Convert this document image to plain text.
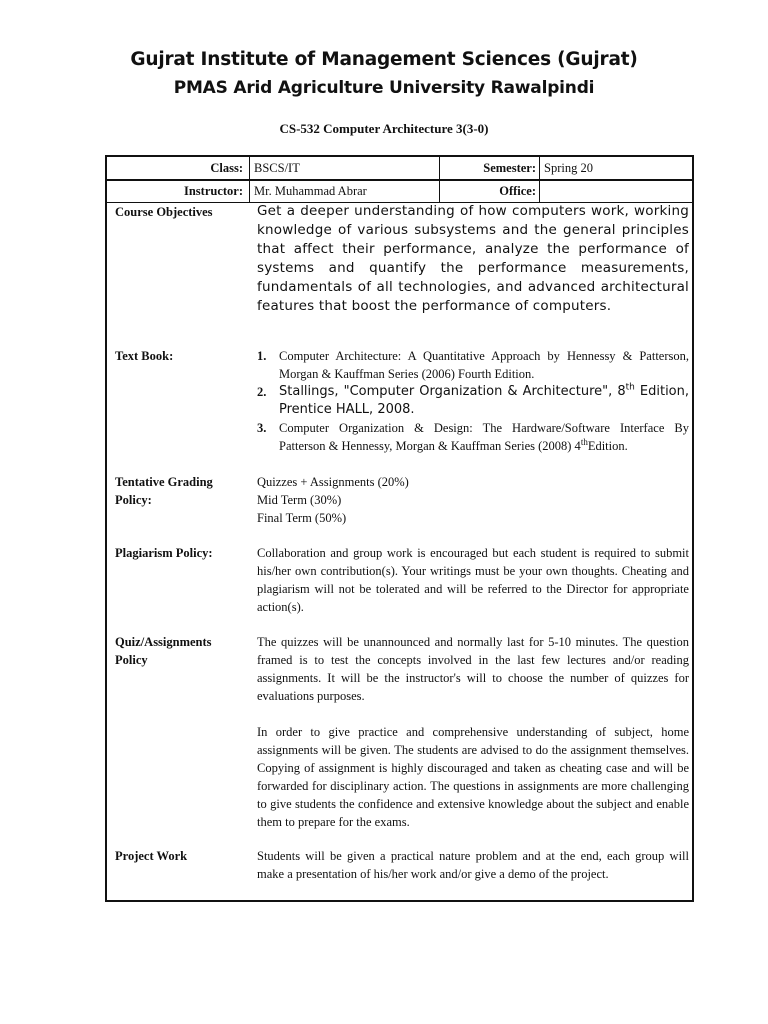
Gujrat Institute of Management Sciences (Gujrat)
PMAS Arid Agriculture University Rawalpindi
CS-532 Computer Architecture 3(3-0)
Class: BSCS/IT	Semester: Spring 20
Instructor: Mr. Muhammad Abrar	Office:
Course Objectives	Get a deeper understanding of how computers work, working knowledge of various subsystems and the general principles that affect their performance, analyze the performance of systems and quantify the performance measurements, fundamentals of all technologies, and advanced architectural features that boost the performance of computers.
Text Book:	1. Computer Architecture: A Quantitative Approach by Hennessy & Patterson, Morgan & Kauffman Series (2006) Fourth Edition.
2. Stallings, "Computer Organization & Architecture", 8th Edition, Prentice HALL, 2008.
3. Computer Organization & Design: The Hardware/Software Interface By Patterson & Hennessy, Morgan & Kauffman Series (2008) 4thEdition.
Tentative Grading Policy:
Quizzes + Assignments (20%)
Mid Term (30%)
Final Term (50%)
Plagiarism Policy:	Collaboration and group work is encouraged but each student is required to submit his/her own contribution(s). Your writings must be your own thoughts. Cheating and plagiarism will not be tolerated and will be referred to the Director for appropriate action(s).
Quiz/Assignments Policy
The quizzes will be unannounced and normally last for 5-10 minutes. The question framed is to test the concepts involved in the last few lectures and/or reading assignments. It will be the instructor's will to choose the number of quizzes for evaluations purposes.
In order to give practice and comprehensive understanding of subject, home assignments will be given. The students are advised to do the assignment themselves. Copying of assignment is highly discouraged and taken as cheating case and will be forwarded for disciplinary action. The questions in assignments are more challenging to give students the confidence and extensive knowledge about the subject and enable them to prepare for the exams.
Project Work	Students will be given a practical nature problem and at the end, each group will make a presentation of his/her work and/or give a demo of the project.
